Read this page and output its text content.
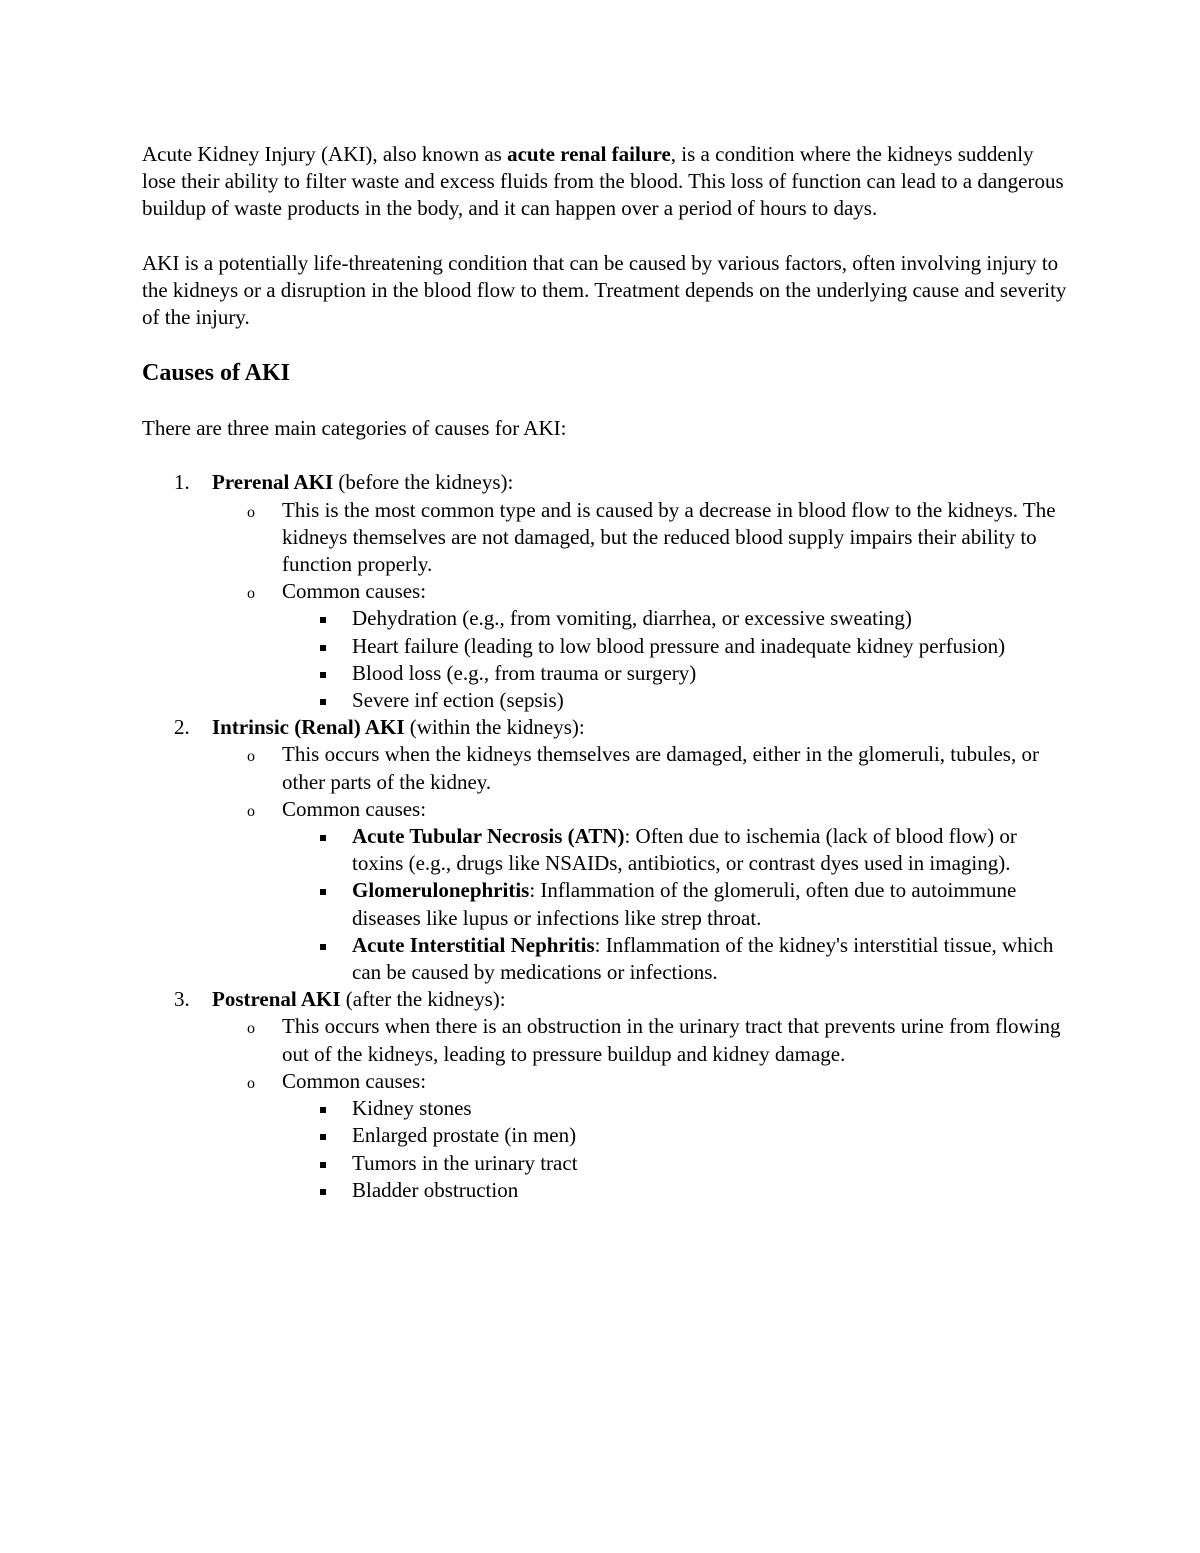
Acute Kidney Injury (AKI), also known as acute renal failure, is a condition where the kidneys suddenly lose their ability to filter waste and excess fluids from the blood. This loss of function can lead to a dangerous buildup of waste products in the body, and it can happen over a period of hours to days.

AKI is a potentially life-threatening condition that can be caused by various factors, often involving injury to the kidneys or a disruption in the blood flow to them. Treatment depends on the underlying cause and severity of the injury.

Causes of AKI

There are three main categories of causes for AKI:

1. Prerenal AKI (before the kidneys):
o This is the most common type and is caused by a decrease in blood flow to the kidneys. The kidneys themselves are not damaged, but the reduced blood supply impairs their ability to function properly.
o Common causes:
Dehydration (e.g., from vomiting, diarrhea, or excessive sweating)
Heart failure (leading to low blood pressure and inadequate kidney perfusion)
Blood loss (e.g., from trauma or surgery)
Severe inf ection (sepsis)
2. Intrinsic (Renal) AKI (within the kidneys):
o This occurs when the kidneys themselves are damaged, either in the glomeruli, tubules, or other parts of the kidney.
o Common causes:
Acute Tubular Necrosis (ATN): Often due to ischemia (lack of blood flow) or toxins (e.g., drugs like NSAIDs, antibiotics, or contrast dyes used in imaging).
Glomerulonephritis: Inflammation of the glomeruli, often due to autoimmune diseases like lupus or infections like strep throat.
Acute Interstitial Nephritis: Inflammation of the kidney's interstitial tissue, which can be caused by medications or infections.
3. Postrenal AKI (after the kidneys):
o This occurs when there is an obstruction in the urinary tract that prevents urine from flowing out of the kidneys, leading to pressure buildup and kidney damage.
o Common causes:
Kidney stones
Enlarged prostate (in men)
Tumors in the urinary tract
Bladder obstruction
